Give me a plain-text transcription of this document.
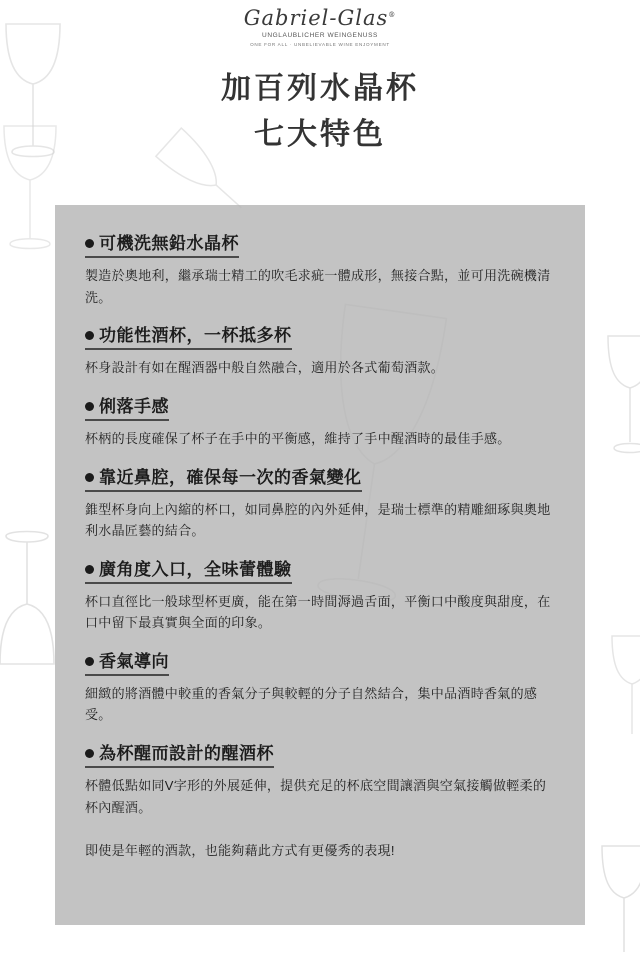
Gabriel-Glas®
UNGLAUBLICHER WEINGENUSS
ONE FOR ALL · UNBELIEVABLE WINE ENJOYMENT
加百列水晶杯
七大特色
可機洗無鉛水晶杯

製造於奧地利，繼承瑞士精工的吹毛求疵一體成形，無接合點，並可用洗碗機清洗。

功能性酒杯，一杯抵多杯

杯身設計有如在醒酒器中般自然融合，適用於各式葡萄酒款。

俐落手感

杯柄的長度確保了杯子在手中的平衡感，維持了手中醒酒時的最佳手感。

靠近鼻腔，確保每一次的香氣變化

錐型杯身向上內縮的杯口，如同鼻腔的內外延伸，是瑞士標準的精雕細琢與奧地利水晶匠藝的結合。

廣角度入口，全味蕾體驗

杯口直徑比一般球型杯更廣，能在第一時間溽過舌面，平衡口中酸度與甜度，在口中留下最真實與全面的印象。

香氣導向

細緻的將酒體中較重的香氣分子與較輕的分子自然結合，集中品酒時香氣的感受。

為杯醒而設計的醒酒杯

杯體低點如同V字形的外展延伸，提供充足的杯底空間讓酒與空氣接觸做輕柔的杯內醒酒。

即使是年輕的酒款，也能夠藉此方式有更優秀的表現!
